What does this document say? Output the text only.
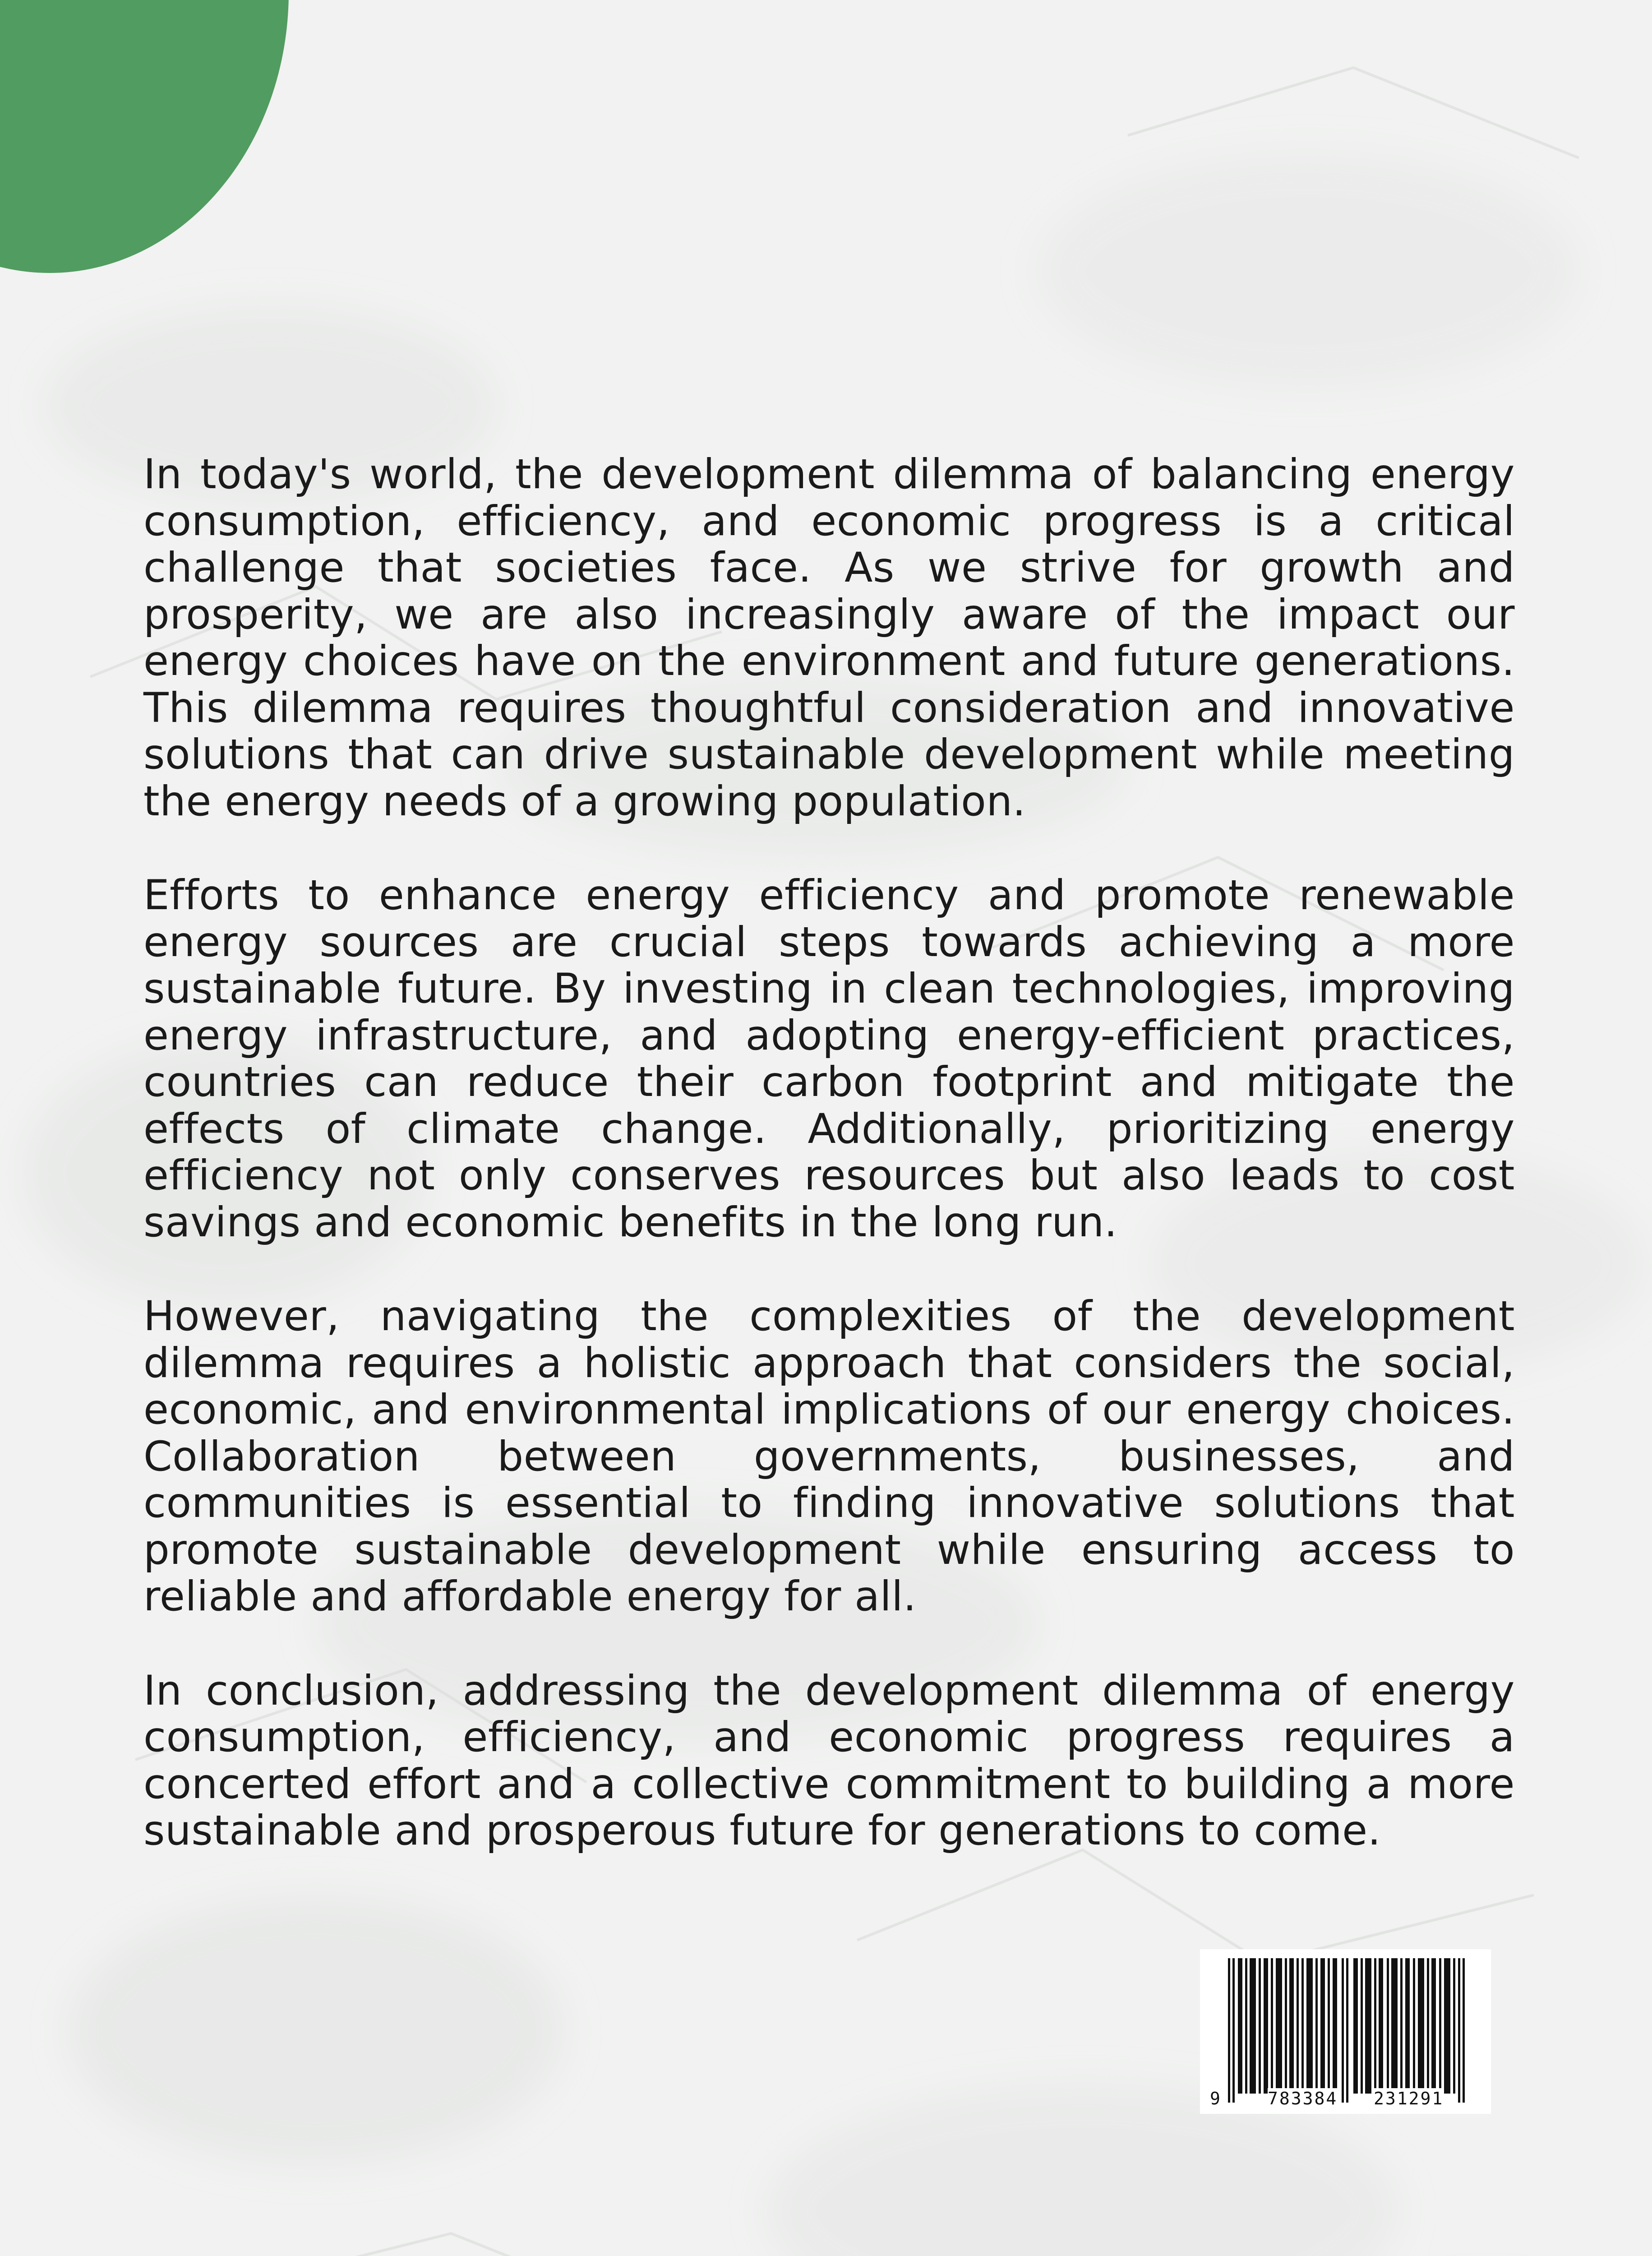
In today's world, the development dilemma of balancing energy consumption, efficiency, and economic progress is a critical challenge that societies face. As we strive for growth and prosperity, we are also increasingly aware of the impact our energy choices have on the environment and future generations. This dilemma requires thoughtful consideration and innovative solutions that can drive sustainable development while meeting the energy needs of a growing population.

Efforts to enhance energy efficiency and promote renewable energy sources are crucial steps towards achieving a more sustainable future. By investing in clean technologies, improving energy infrastructure, and adopting energy-efficient practices, countries can reduce their carbon footprint and mitigate the effects of climate change. Additionally, prioritizing energy efficiency not only conserves resources but also leads to cost savings and economic benefits in the long run.

However, navigating the complexities of the development dilemma requires a holistic approach that considers the social, economic, and environmental implications of our energy choices. Collaboration between governments, businesses, and communities is essential to finding innovative solutions that promote sustainable development while ensuring access to reliable and affordable energy for all.

In conclusion, addressing the development dilemma of energy consumption, efficiency, and economic progress requires a concerted effort and a collective commitment to building a more sustainable and prosperous future for generations to come.

9	783384 231291
